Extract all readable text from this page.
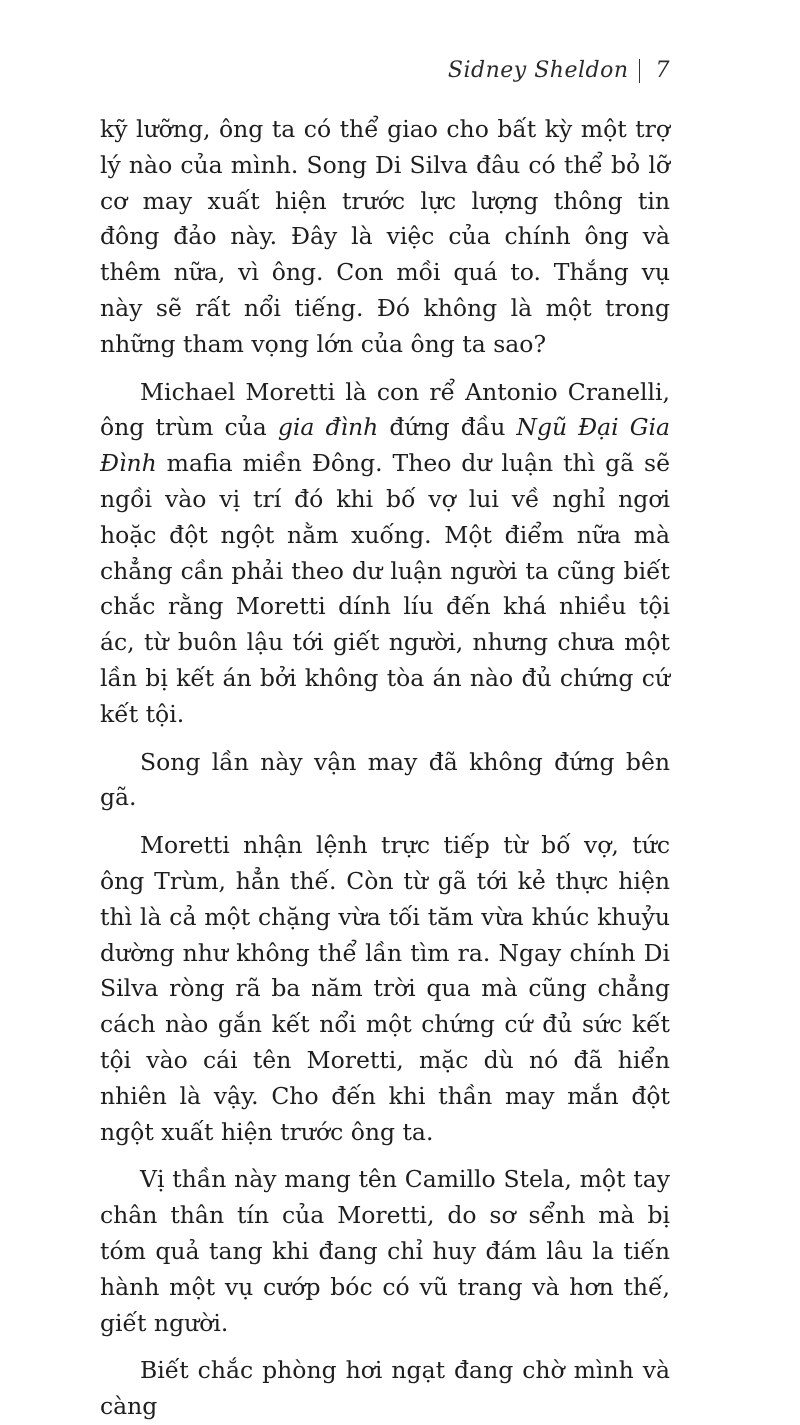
Sidney Sheldon 7

kỹ lưỡng, ông ta có thể giao cho bất kỳ một trợ lý nào của mình. Song Di Silva đâu có thể bỏ lỡ cơ may xuất hiện trước lực lượng thông tin đông đảo này. Đây là việc của chính ông và thêm nữa, vì ông. Con mồi quá to. Thắng vụ này sẽ rất nổi tiếng. Đó không là một trong những tham vọng lớn của ông ta sao?

Michael Moretti là con rể Antonio Cranelli, ông trùm của gia đình đứng đầu Ngũ Đại Gia Đình mafia miền Đông. Theo dư luận thì gã sẽ ngồi vào vị trí đó khi bố vợ lui về nghỉ ngơi hoặc đột ngột nằm xuống. Một điểm nữa mà chẳng cần phải theo dư luận người ta cũng biết chắc rằng Moretti dính líu đến khá nhiều tội ác, từ buôn lậu tới giết người, nhưng chưa một lần bị kết án bởi không tòa án nào đủ chứng cứ kết tội.

Song lần này vận may đã không đứng bên gã.

Moretti nhận lệnh trực tiếp từ bố vợ, tức ông Trùm, hẳn thế. Còn từ gã tới kẻ thực hiện thì là cả một chặng vừa tối tăm vừa khúc khuỷu dường như không thể lần tìm ra. Ngay chính Di Silva ròng rã ba năm trời qua mà cũng chẳng cách nào gắn kết nổi một chứng cứ đủ sức kết tội vào cái tên Moretti, mặc dù nó đã hiển nhiên là vậy. Cho đến khi thần may mắn đột ngột xuất hiện trước ông ta.

Vị thần này mang tên Camillo Stela, một tay chân thân tín của Moretti, do sơ sểnh mà bị tóm quả tang khi đang chỉ huy đám lâu la tiến hành một vụ cướp bóc có vũ trang và hơn thế, giết người.

Biết chắc phòng hơi ngạt đang chờ mình và càng
